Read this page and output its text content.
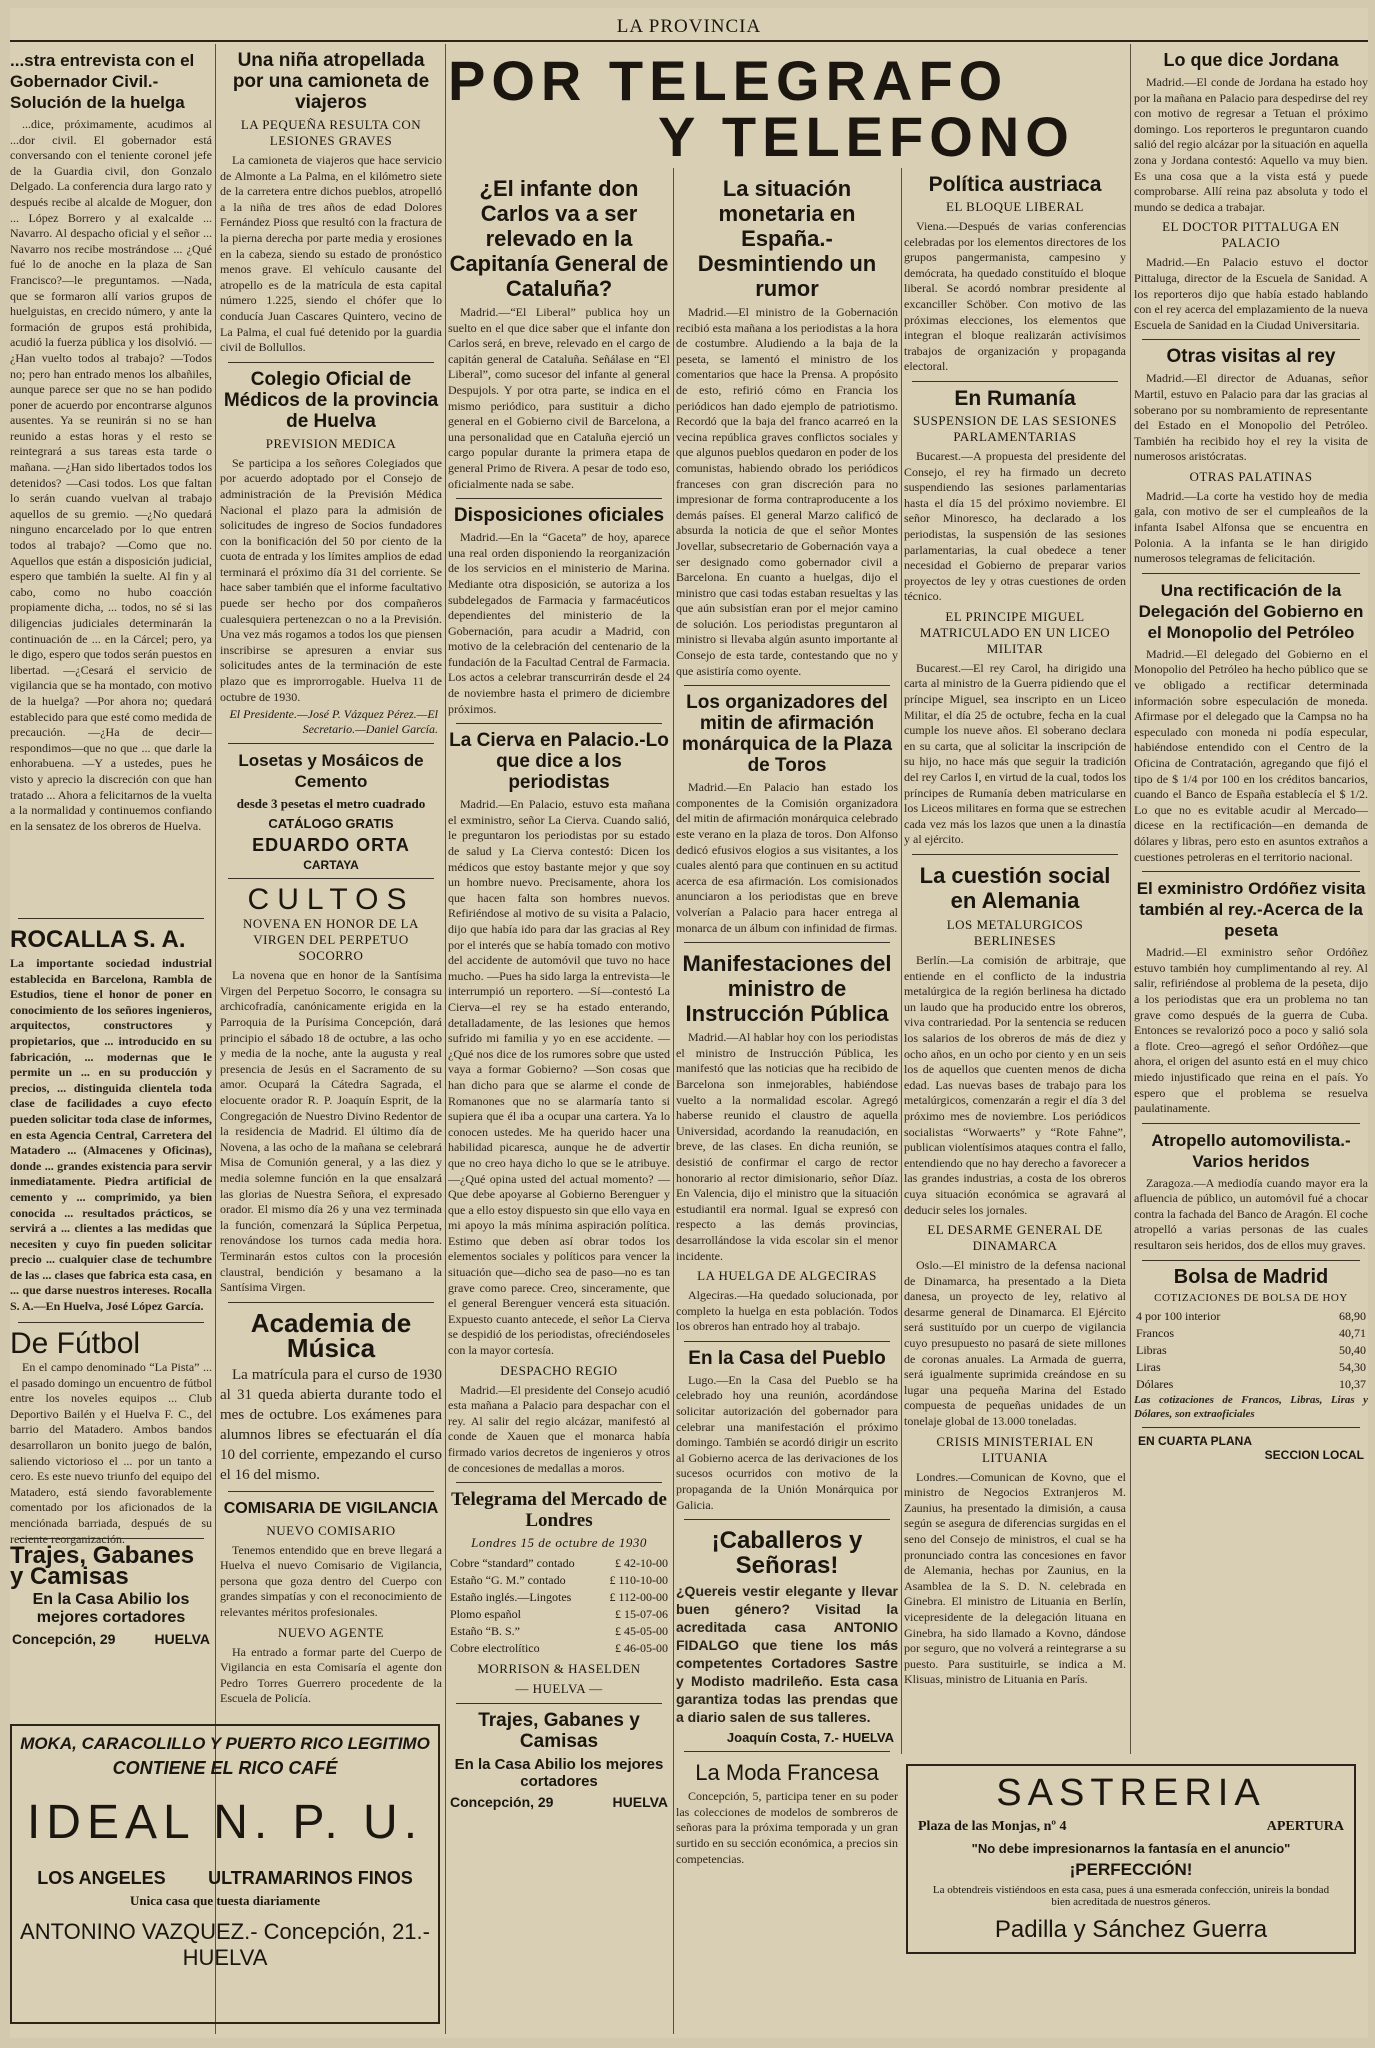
LA PROVINCIA
POR TELEGRAFO
Y TELEFONO
...stra entrevista con el Gobernador Civil.-Solución de la huelga
...dice, próximamente, acudimos al ...dor civil. El gobernador está conversando con el teniente coronel jefe de la Guardia civil, don Gonzalo Delgado. La conferencia dura largo rato y después recibe al alcalde de Moguer, don ... López Borrero y al exalcalde ... Navarro. Al despacho oficial y el señor ... Navarro nos recibe mostrándose ... ¿Qué fué lo de anoche en la plaza de San Francisco?—le preguntamos. —Nada, que se formaron allí varios grupos de huelguistas, en crecido número, y ante la formación de grupos está prohibida, acudió la fuerza pública y los disolvió. —¿Han vuelto todos al trabajo? —Todos no; pero han entrado menos los albañiles, aunque parece ser que no se han podido poner de acuerdo por encontrarse algunos ausentes. Ya se reunirán si no se han reunido a estas horas y el resto se reintegrará a sus tareas esta tarde o mañana. —¿Han sido libertados todos los detenidos? —Casi todos. Los que faltan lo serán cuando vuelvan al trabajo aquellos de su gremio. —¿No quedará ninguno encarcelado por lo que entren todos al trabajo? —Como que no. Aquellos que están a disposición judicial, espero que también la suelte. Al fin y al cabo, como no hubo coacción propiamente dicha, ... todos, no sé si las diligencias judiciales determinarán la continuación de ... en la Cárcel; pero, ya le digo, espero que todos serán puestos en libertad. —¿Cesará el servicio de vigilancia que se ha montado, con motivo de la huelga? —Por ahora no; quedará establecido para que esté como medida de precaución. —¿Ha de decir—respondimos—que no que ... que darle la enhorabuena. —Y a ustedes, pues he visto y aprecio la discreción con que han tratado ... Ahora a felicitarnos de la vuelta a la normalidad y continuemos confiando en la sensatez de los obreros de Huelva.
ROCALLA S. A.
La importante sociedad industrial establecida en Barcelona, Rambla de Estudios, tiene el honor de poner en conocimiento de los señores ingenieros, arquitectos, constructores y propietarios, que ... introducido en su fabricación, ... modernas que le permite un ... en su producción y precios, ... distinguida clientela toda clase de facilidades a cuyo efecto pueden solicitar toda clase de informes, en esta Agencia Central, Carretera del Matadero ... (Almacenes y Oficinas), donde ... grandes existencia para servir inmediatamente. Piedra artificial de cemento y ... comprimido, ya bien conocida ... resultados prácticos, se servirá a ... clientes a las medidas que necesiten y cuyo fin pueden solicitar precio ... cualquier clase de techumbre de las ... clases que fabrica esta casa, en ... que darse nuestros intereses. Rocalla S. A.—En Huelva, José López García.
De Fútbol
En el campo denominado “La Pista” ... el pasado domingo un encuentro de fútbol entre los noveles equipos ... Club Deportivo Bailén y el Huelva F. C., del barrio del Matadero. Ambos bandos desarrollaron un bonito juego de balón, saliendo victorioso el ... por un tanto a cero. Es este nuevo triunfo del equipo del Matadero, está siendo favorablemente comentado por los aficionados de la menciónada barriada, después de su reciente reorganización.
Trajes, Gabanes y Camisas
En la Casa Abilio los mejores cortadores
Concepción, 29	HUELVA
MOKA, CARACOLILLO Y PUERTO RICO LEGITIMO
CONTIENE EL RICO CAFÉ
IDEAL N. P. U.
LOS ANGELES ULTRAMARINOS FINOS
Unica casa que tuesta diariamente
ANTONINO VAZQUEZ.- Concepción, 21.- HUELVA
Una niña atropellada por una camioneta de viajeros
LA PEQUEÑA RESULTA CON LESIONES GRAVES
La camioneta de viajeros que hace servicio de Almonte a La Palma, en el kilómetro siete de la carretera entre dichos pueblos, atropelló a la niña de tres años de edad Dolores Fernández Pioss que resultó con la fractura de la pierna derecha por parte media y erosiones en la cabeza, siendo su estado de pronóstico menos grave. El vehículo causante del atropello es de la matrícula de esta capital número 1.225, siendo el chófer que lo conducía Juan Cascares Quintero, vecino de La Palma, el cual fué detenido por la guardia civil de Bollullos.
Colegio Oficial de Médicos de la provincia de Huelva
PREVISION MEDICA
Se participa a los señores Colegiados que por acuerdo adoptado por el Consejo de administración de la Previsión Médica Nacional el plazo para la admisión de solicitudes de ingreso de Socios fundadores con la bonificación del 50 por ciento de la cuota de entrada y los límites amplios de edad terminará el próximo día 31 del corriente. Se hace saber también que el informe facultativo puede ser hecho por dos compañeros cualesquiera pertenezcan o no a la Previsión. Una vez más rogamos a todos los que piensen inscribirse se apresuren a enviar sus solicitudes antes de la terminación de este plazo que es improrrogable. Huelva 11 de octubre de 1930.
El Presidente.—José P. Vázquez Pérez.—El Secretario.—Daniel García.
Losetas y Mosáicos de Cemento
desde 3 pesetas el metro cuadrado
CATÁLOGO GRATIS
EDUARDO ORTA
CARTAYA
CULTOS
NOVENA EN HONOR DE LA VIRGEN DEL PERPETUO SOCORRO
La novena que en honor de la Santísima Virgen del Perpetuo Socorro, le consagra su archicofradía, canónicamente erigida en la Parroquia de la Purísima Concepción, dará principio el sábado 18 de octubre, a las ocho y media de la noche, ante la augusta y real presencia de Jesús en el Sacramento de su amor. Ocupará la Cátedra Sagrada, el elocuente orador R. P. Joaquín Esprit, de la Congregación de Nuestro Divino Redentor de la residencia de Madrid. El último día de Novena, a las ocho de la mañana se celebrará Misa de Comunión general, y a las diez y media solemne función en la que ensalzará las glorias de Nuestra Señora, el expresado orador. El mismo día 26 y una vez terminada la función, comenzará la Súplica Perpetua, renovándose los turnos cada media hora. Terminarán estos cultos con la procesión claustral, bendición y besamano a la Santísima Virgen.
Academia de Música
La matrícula para el curso de 1930 al 31 queda abierta durante todo el mes de octubre. Los exámenes para alumnos libres se efectuarán el día 10 del corriente, empezando el curso el 16 del mismo.
COMISARIA DE VIGILANCIA
NUEVO COMISARIO
Tenemos entendido que en breve llegará a Huelva el nuevo Comisario de Vigilancia, persona que goza dentro del Cuerpo con grandes simpatías y con el reconocimiento de relevantes méritos profesionales.
NUEVO AGENTE
Ha entrado a formar parte del Cuerpo de Vigilancia en esta Comisaría el agente don Pedro Torres Guerrero procedente de la Escuela de Policía.
¿El infante don Carlos va a ser relevado en la Capitanía General de Cataluña?
Madrid.—“El Liberal” publica hoy un suelto en el que dice saber que el infante don Carlos será, en breve, relevado en el cargo de capitán general de Cataluña. Señálase en “El Liberal”, como sucesor del infante al general Despujols. Y por otra parte, se indica en el mismo periódico, para sustituir a dicho general en el Gobierno civil de Barcelona, a una personalidad que en Cataluña ejerció un cargo popular durante la primera etapa de general Primo de Rivera. A pesar de todo eso, oficialmente nada se sabe.
Disposiciones oficiales
Madrid.—En la “Gaceta” de hoy, aparece una real orden disponiendo la reorganización de los servicios en el ministerio de Marina. Mediante otra disposición, se autoriza a los subdelegados de Farmacia y farmacéuticos dependientes del ministerio de la Gobernación, para acudir a Madrid, con motivo de la celebración del centenario de la fundación de la Facultad Central de Farmacia. Los actos a celebrar transcurrirán desde el 24 de noviembre hasta el primero de diciembre próximos.
La Cierva en Palacio.-Lo que dice a los periodistas
Madrid.—En Palacio, estuvo esta mañana el exministro, señor La Cierva. Cuando salió, le preguntaron los periodistas por su estado de salud y La Cierva contestó: Dicen los médicos que estoy bastante mejor y que soy un hombre nuevo. Precisamente, ahora los que hacen falta son hombres nuevos. Refiriéndose al motivo de su visita a Palacio, dijo que había ido para dar las gracias al Rey por el interés que se había tomado con motivo del accidente de automóvil que tuvo no hace mucho. —Pues ha sido larga la entrevista—le interrumpió un reportero. —Sí—contestó La Cierva—el rey se ha estado enterando, detalladamente, de las lesiones que hemos sufrido mi familia y yo en ese accidente. —¿Qué nos dice de los rumores sobre que usted vaya a formar Gobierno? —Son cosas que han dicho para que se alarme el conde de Romanones que no se alarmaría tanto si supiera que él iba a ocupar una cartera. Ya lo conocen ustedes. Me ha querido hacer una habilidad picaresca, aunque he de advertir que no creo haya dicho lo que se le atribuye. —¿Qué opina usted del actual momento? —Que debe apoyarse al Gobierno Berenguer y que a ello estoy dispuesto sin que ello vaya en mi apoyo la más mínima aspiración política. Estimo que deben así obrar todos los elementos sociales y políticos para vencer la situación que—dicho sea de paso—no es tan grave como parece. Creo, sinceramente, que el general Berenguer vencerá esta situación. Expuesto cuanto antecede, el señor La Cierva se despidió de los periodistas, ofreciéndoseles con la mayor cortesía.
DESPACHO REGIO
Madrid.—El presidente del Consejo acudió esta mañana a Palacio para despachar con el rey. Al salir del regio alcázar, manifestó al conde de Xauen que el monarca había firmado varios decretos de ingenieros y otros de concesiones de medallas a moros.
Telegrama del Mercado de Londres
Londres 15 de octubre de 1930
Cobre “standard” contado	£ 42-10-00
Estaño “G. M.” contado	£ 110-10-00
Estaño inglés.—Lingotes	£ 112-00-00
Plomo español	£ 15-07-06
Estaño “B. S.”	£ 45-05-00
Cobre electrolítico	£ 46-05-00
MORRISON & HASELDEN
— HUELVA —
Trajes, Gabanes y Camisas
En la Casa Abilio los mejores cortadores
Concepción, 29	HUELVA
La situación monetaria en España.-Desmintiendo un rumor
Madrid.—El ministro de la Gobernación recibió esta mañana a los periodistas a la hora de costumbre. Aludiendo a la baja de la peseta, se lamentó el ministro de los comentarios que hace la Prensa. A propósito de esto, refirió cómo en Francia los periódicos han dado ejemplo de patriotismo. Recordó que la baja del franco acarreó en la vecina república graves conflictos sociales y que algunos pueblos quedaron en poder de los comunistas, habiendo obrado los periódicos franceses con gran discreción para no impresionar de forma contraproducente a los demás países. El general Marzo calificó de absurda la noticia de que el señor Montes Jovellar, subsecretario de Gobernación vaya a ser designado como gobernador civil a Barcelona. En cuanto a huelgas, dijo el ministro que casi todas estaban resueltas y las que aún subsistían eran por el mejor camino de solución. Los periodistas preguntaron al ministro si llevaba algún asunto importante al Consejo de esta tarde, contestando que no y que asistiría como oyente.
Los organizadores del mitin de afirmación monárquica de la Plaza de Toros
Madrid.—En Palacio han estado los componentes de la Comisión organizadora del mitin de afirmación monárquica celebrado este verano en la plaza de toros. Don Alfonso dedicó efusivos elogios a sus visitantes, a los cuales alentó para que continuen en su actitud acerca de esa afirmación. Los comisionados anunciaron a los periodistas que en breve volverían a Palacio para hacer entrega al monarca de un álbum con infinidad de firmas.
Manifestaciones del ministro de Instrucción Pública
Madrid.—Al hablar hoy con los periodistas el ministro de Instrucción Pública, les manifestó que las noticias que ha recibido de Barcelona son inmejorables, habiéndose vuelto a la normalidad escolar. Agregó haberse reunido el claustro de aquella Universidad, acordando la reanudación, en breve, de las clases. En dicha reunión, se desistió de confirmar el cargo de rector honorario al rector dimisionario, señor Díaz. En Valencia, dijo el ministro que la situación estudiantil era normal. Igual se expresó con respecto a las demás provincias, desarrollándose la vida escolar sin el menor incidente.
LA HUELGA DE ALGECIRAS
Algeciras.—Ha quedado solucionada, por completo la huelga en esta población. Todos los obreros han entrado hoy al trabajo.
En la Casa del Pueblo
Lugo.—En la Casa del Pueblo se ha celebrado hoy una reunión, acordándose solicitar autorización del gobernador para celebrar una manifestación el próximo domingo. También se acordó dirigir un escrito al Gobierno acerca de las derivaciones de los sucesos ocurridos con motivo de la propaganda de la Unión Monárquica por Galicia.
¡Caballeros y Señoras!
¿Quereis vestir elegante y llevar buen género? Visitad la acreditada casa ANTONIO FIDALGO que tiene los más competentes Cortadores Sastre y Modisto madrileño. Esta casa garantiza todas las prendas que a diario salen de sus talleres.
Joaquín Costa, 7.- HUELVA
La Moda Francesa
Concepción, 5, participa tener en su poder las colecciones de modelos de sombreros de señoras para la próxima temporada y un gran surtido en su sección económica, a precios sin competencias.
Política austriaca
EL BLOQUE LIBERAL
Viena.—Después de varias conferencias celebradas por los elementos directores de los grupos pangermanista, campesino y demócrata, ha quedado constituído el bloque liberal. Se acordó nombrar presidente al excanciller Schöber. Con motivo de las próximas elecciones, los elementos que integran el bloque realizarán activísimos trabajos de organización y propaganda electoral.
En Rumanía
SUSPENSION DE LAS SESIONES PARLAMENTARIAS
Bucarest.—A propuesta del presidente del Consejo, el rey ha firmado un decreto suspendiendo las sesiones parlamentarias hasta el día 15 del próximo noviembre. El señor Minoresco, ha declarado a los periodistas, la suspensión de las sesiones parlamentarias, la cual obedece a tener necesidad el Gobierno de preparar varios proyectos de ley y otras cuestiones de orden técnico.
EL PRINCIPE MIGUEL MATRICULADO EN UN LICEO MILITAR
Bucarest.—El rey Carol, ha dirigido una carta al ministro de la Guerra pidiendo que el príncipe Miguel, sea inscripto en un Liceo Militar, el día 25 de octubre, fecha en la cual cumple los nueve años. El soberano declara en su carta, que al solicitar la inscripción de su hijo, no hace más que seguir la tradición del rey Carlos I, en virtud de la cual, todos los príncipes de Rumanía deben matricularse en los Liceos militares en forma que se estrechen cada vez más los lazos que unen a la dinastía y al ejército.
La cuestión social en Alemania
LOS METALURGICOS BERLINESES
Berlín.—La comisión de arbitraje, que entiende en el conflicto de la industria metalúrgica de la región berlinesa ha dictado un laudo que ha producido entre los obreros, viva contrariedad. Por la sentencia se reducen los salarios de los obreros de más de diez y ocho años, en un ocho por ciento y en un seis los de aquellos que cuenten menos de dicha edad. Las nuevas bases de trabajo para los metalúrgicos, comenzarán a regir el día 3 del próximo mes de noviembre. Los periódicos socialistas “Worwaerts” y “Rote Fahne”, publican violentísimos ataques contra el fallo, entendiendo que no hay derecho a favorecer a las grandes industrias, a costa de los obreros cuya situación económica se agravará al deducir seles los jornales.
EL DESARME GENERAL DE DINAMARCA
Oslo.—El ministro de la defensa nacional de Dinamarca, ha presentado a la Dieta danesa, un proyecto de ley, relativo al desarme general de Dinamarca. El Ejército será sustituído por un cuerpo de vigilancia cuyo presupuesto no pasará de siete millones de coronas anuales. La Armada de guerra, será igualmente suprimida creándose en su lugar una pequeña Marina del Estado compuesta de pequeñas unidades de un tonelaje global de 13.000 toneladas.
CRISIS MINISTERIAL EN LITUANIA
Londres.—Comunican de Kovno, que el ministro de Negocios Extranjeros M. Zaunius, ha presentado la dimisión, a causa según se asegura de diferencias surgidas en el seno del Consejo de ministros, el cual se ha pronunciado contra las concesiones en favor de Alemania, hechas por Zaunius, en la Asamblea de la S. D. N. celebrada en Ginebra. El ministro de Lituania en Berlín, vicepresidente de la delegación lituana en Ginebra, ha sido llamado a Kovno, dándose por seguro, que no volverá a reintegrarse a su puesto. Para sustituirle, se indica a M. Klisuas, ministro de Lituania en París.
Lo que dice Jordana
Madrid.—El conde de Jordana ha estado hoy por la mañana en Palacio para despedirse del rey con motivo de regresar a Tetuan el próximo domingo. Los reporteros le preguntaron cuando salió del regio alcázar por la situación en aquella zona y Jordana contestó: Aquello va muy bien. Es una cosa que a la vista está y puede comprobarse. Allí reina paz absoluta y todo el mundo se dedica a trabajar.
EL DOCTOR PITTALUGA EN PALACIO
Madrid.—En Palacio estuvo el doctor Pittaluga, director de la Escuela de Sanidad. A los reporteros dijo que había estado hablando con el rey acerca del emplazamiento de la nueva Escuela de Sanidad en la Ciudad Universitaria.
Otras visitas al rey
Madrid.—El director de Aduanas, señor Martil, estuvo en Palacio para dar las gracias al soberano por su nombramiento de representante del Estado en el Monopolio del Petróleo. También ha recibido hoy el rey la visita de numerosos aristócratas.
OTRAS PALATINAS
Madrid.—La corte ha vestido hoy de media gala, con motivo de ser el cumpleaños de la infanta Isabel Alfonsa que se encuentra en Polonia. A la infanta se le han dirigido numerosos telegramas de felicitación.
Una rectificación de la Delegación del Gobierno en el Monopolio del Petróleo
Madrid.—El delegado del Gobierno en el Monopolio del Petróleo ha hecho público que se ve obligado a rectificar determinada información sobre especulación de moneda. Afirmase por el delegado que la Campsa no ha especulado con moneda ni podía especular, habiéndose entendido con el Centro de la Oficina de Contratación, agregando que fijó el tipo de $ 1/4 por 100 en los créditos bancarios, cuando el Banco de España establecía el $ 1/2. Lo que no es evitable acudir al Mercado—dicese en la rectificación—en demanda de dólares y libras, pero esto en asuntos extraños a cuestiones petroleras en el territorio nacional.
El exministro Ordóñez visita también al rey.-Acerca de la peseta
Madrid.—El exministro señor Ordóñez estuvo también hoy cumplimentando al rey. Al salir, refiriéndose al problema de la peseta, dijo a los periodistas que era un problema no tan grave como después de la guerra de Cuba. Entonces se revalorizó poco a poco y salió sola a flote. Creo—agregó el señor Ordóñez—que ahora, el origen del asunto está en el muy chico miedo injustificado que reina en el país. Yo espero que el problema se resuelva paulatinamente.
Atropello automovilista.-Varios heridos
Zaragoza.—A mediodía cuando mayor era la afluencia de público, un automóvil fué a chocar contra la fachada del Banco de Aragón. El coche atropelló a varias personas de las cuales resultaron seis heridos, dos de ellos muy graves.
Bolsa de Madrid
COTIZACIONES DE BOLSA DE HOY
4 por 100 interior	68,90
Francos	40,71
Libras	50,40
Liras	54,30
Dólares	10,37
Las cotizaciones de Francos, Libras, Liras y Dólares, son extraoficiales
EN CUARTA PLANA
SECCION LOCAL
SASTRERIA
Plaza de las Monjas, nº 4	APERTURA
"No debe impresionarnos la fantasía en el anuncio"
¡PERFECCIÓN!
La obtendreis vistiéndoos en esta casa, pues á una esmerada confección, unireis la bondad bien acreditada de nuestros géneros.
Padilla y Sánchez Guerra
